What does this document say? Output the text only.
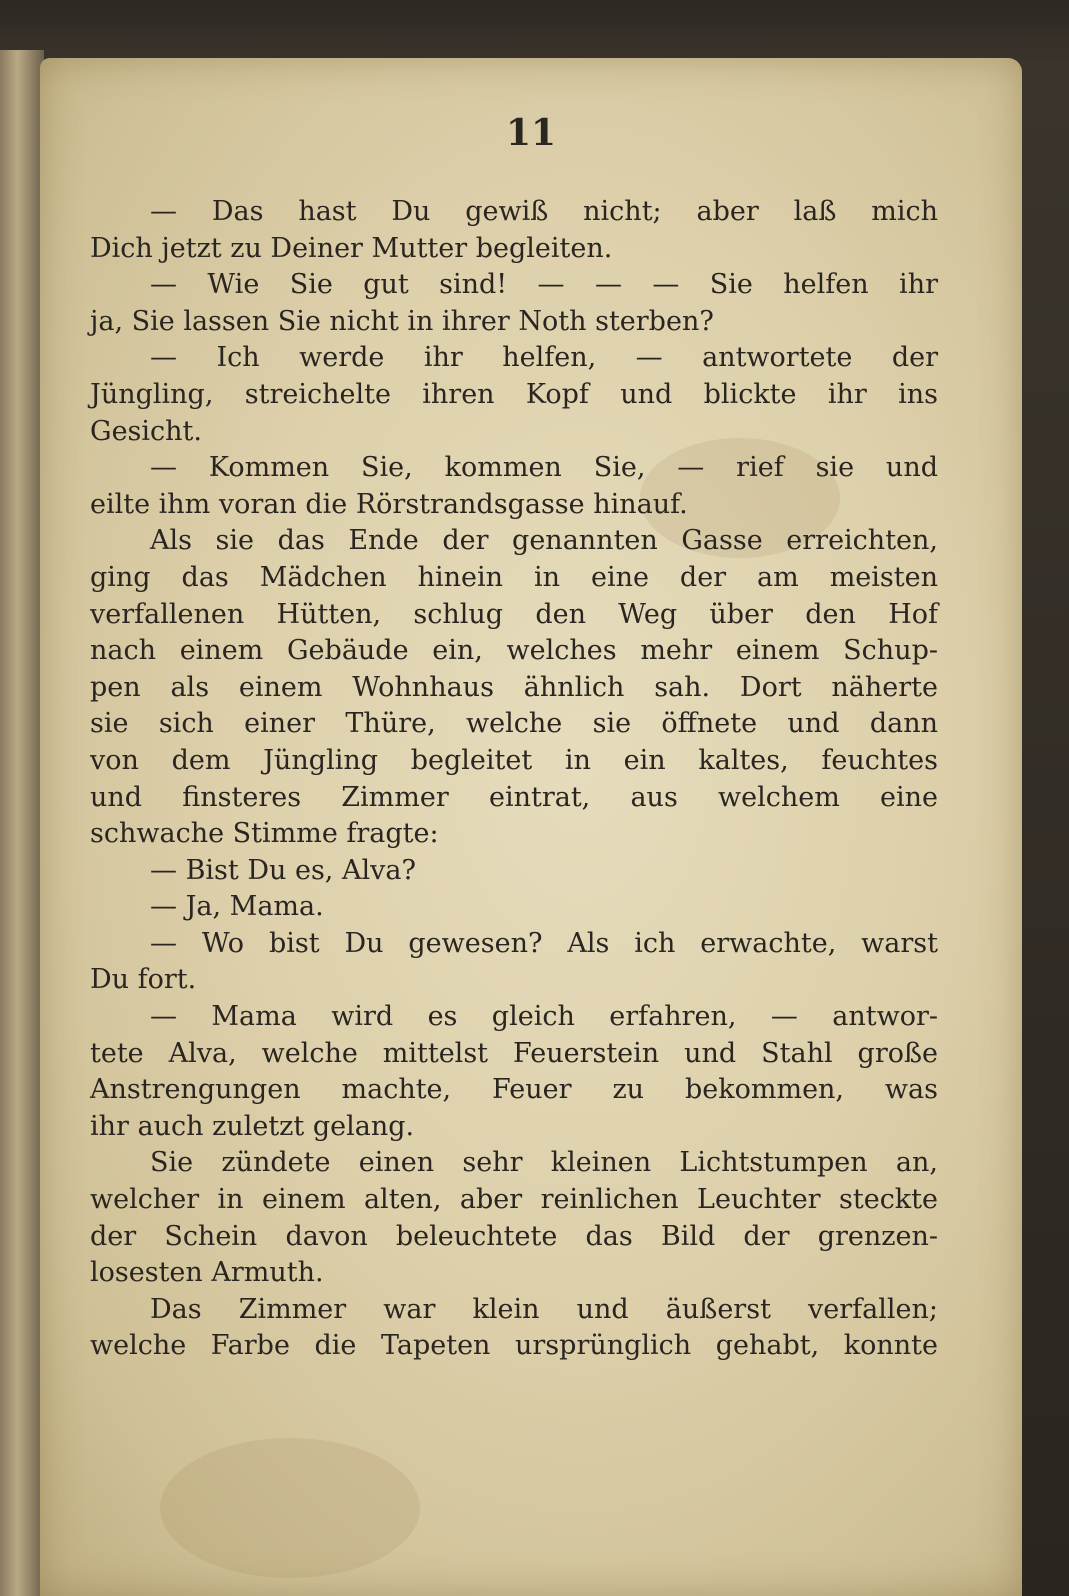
11
— Das hast Du gewiß nicht; aber laß mich
Dich jetzt zu Deiner Mutter begleiten.
— Wie Sie gut sind! — — — Sie helfen ihr
ja, Sie lassen Sie nicht in ihrer Noth sterben?
— Ich werde ihr helfen, — antwortete der
Jüngling, streichelte ihren Kopf und blickte ihr ins
Gesicht.
— Kommen Sie, kommen Sie, — rief sie und
eilte ihm voran die Rörstrandsgasse hinauf.
Als sie das Ende der genannten Gasse erreichten,
ging das Mädchen hinein in eine der am meisten
verfallenen Hütten, schlug den Weg über den Hof
nach einem Gebäude ein, welches mehr einem Schup-
pen als einem Wohnhaus ähnlich sah. Dort näherte
sie sich einer Thüre, welche sie öffnete und dann
von dem Jüngling begleitet in ein kaltes, feuchtes
und finsteres Zimmer eintrat, aus welchem eine
schwache Stimme fragte:
— Bist Du es, Alva?
— Ja, Mama.
— Wo bist Du gewesen? Als ich erwachte, warst
Du fort.
— Mama wird es gleich erfahren, — antwor-
tete Alva, welche mittelst Feuerstein und Stahl große
Anstrengungen machte, Feuer zu bekommen, was
ihr auch zuletzt gelang.
Sie zündete einen sehr kleinen Lichtstumpen an,
welcher in einem alten, aber reinlichen Leuchter steckte
der Schein davon beleuchtete das Bild der grenzen-
losesten Armuth.
Das Zimmer war klein und äußerst verfallen;
welche Farbe die Tapeten ursprünglich gehabt, konnte
